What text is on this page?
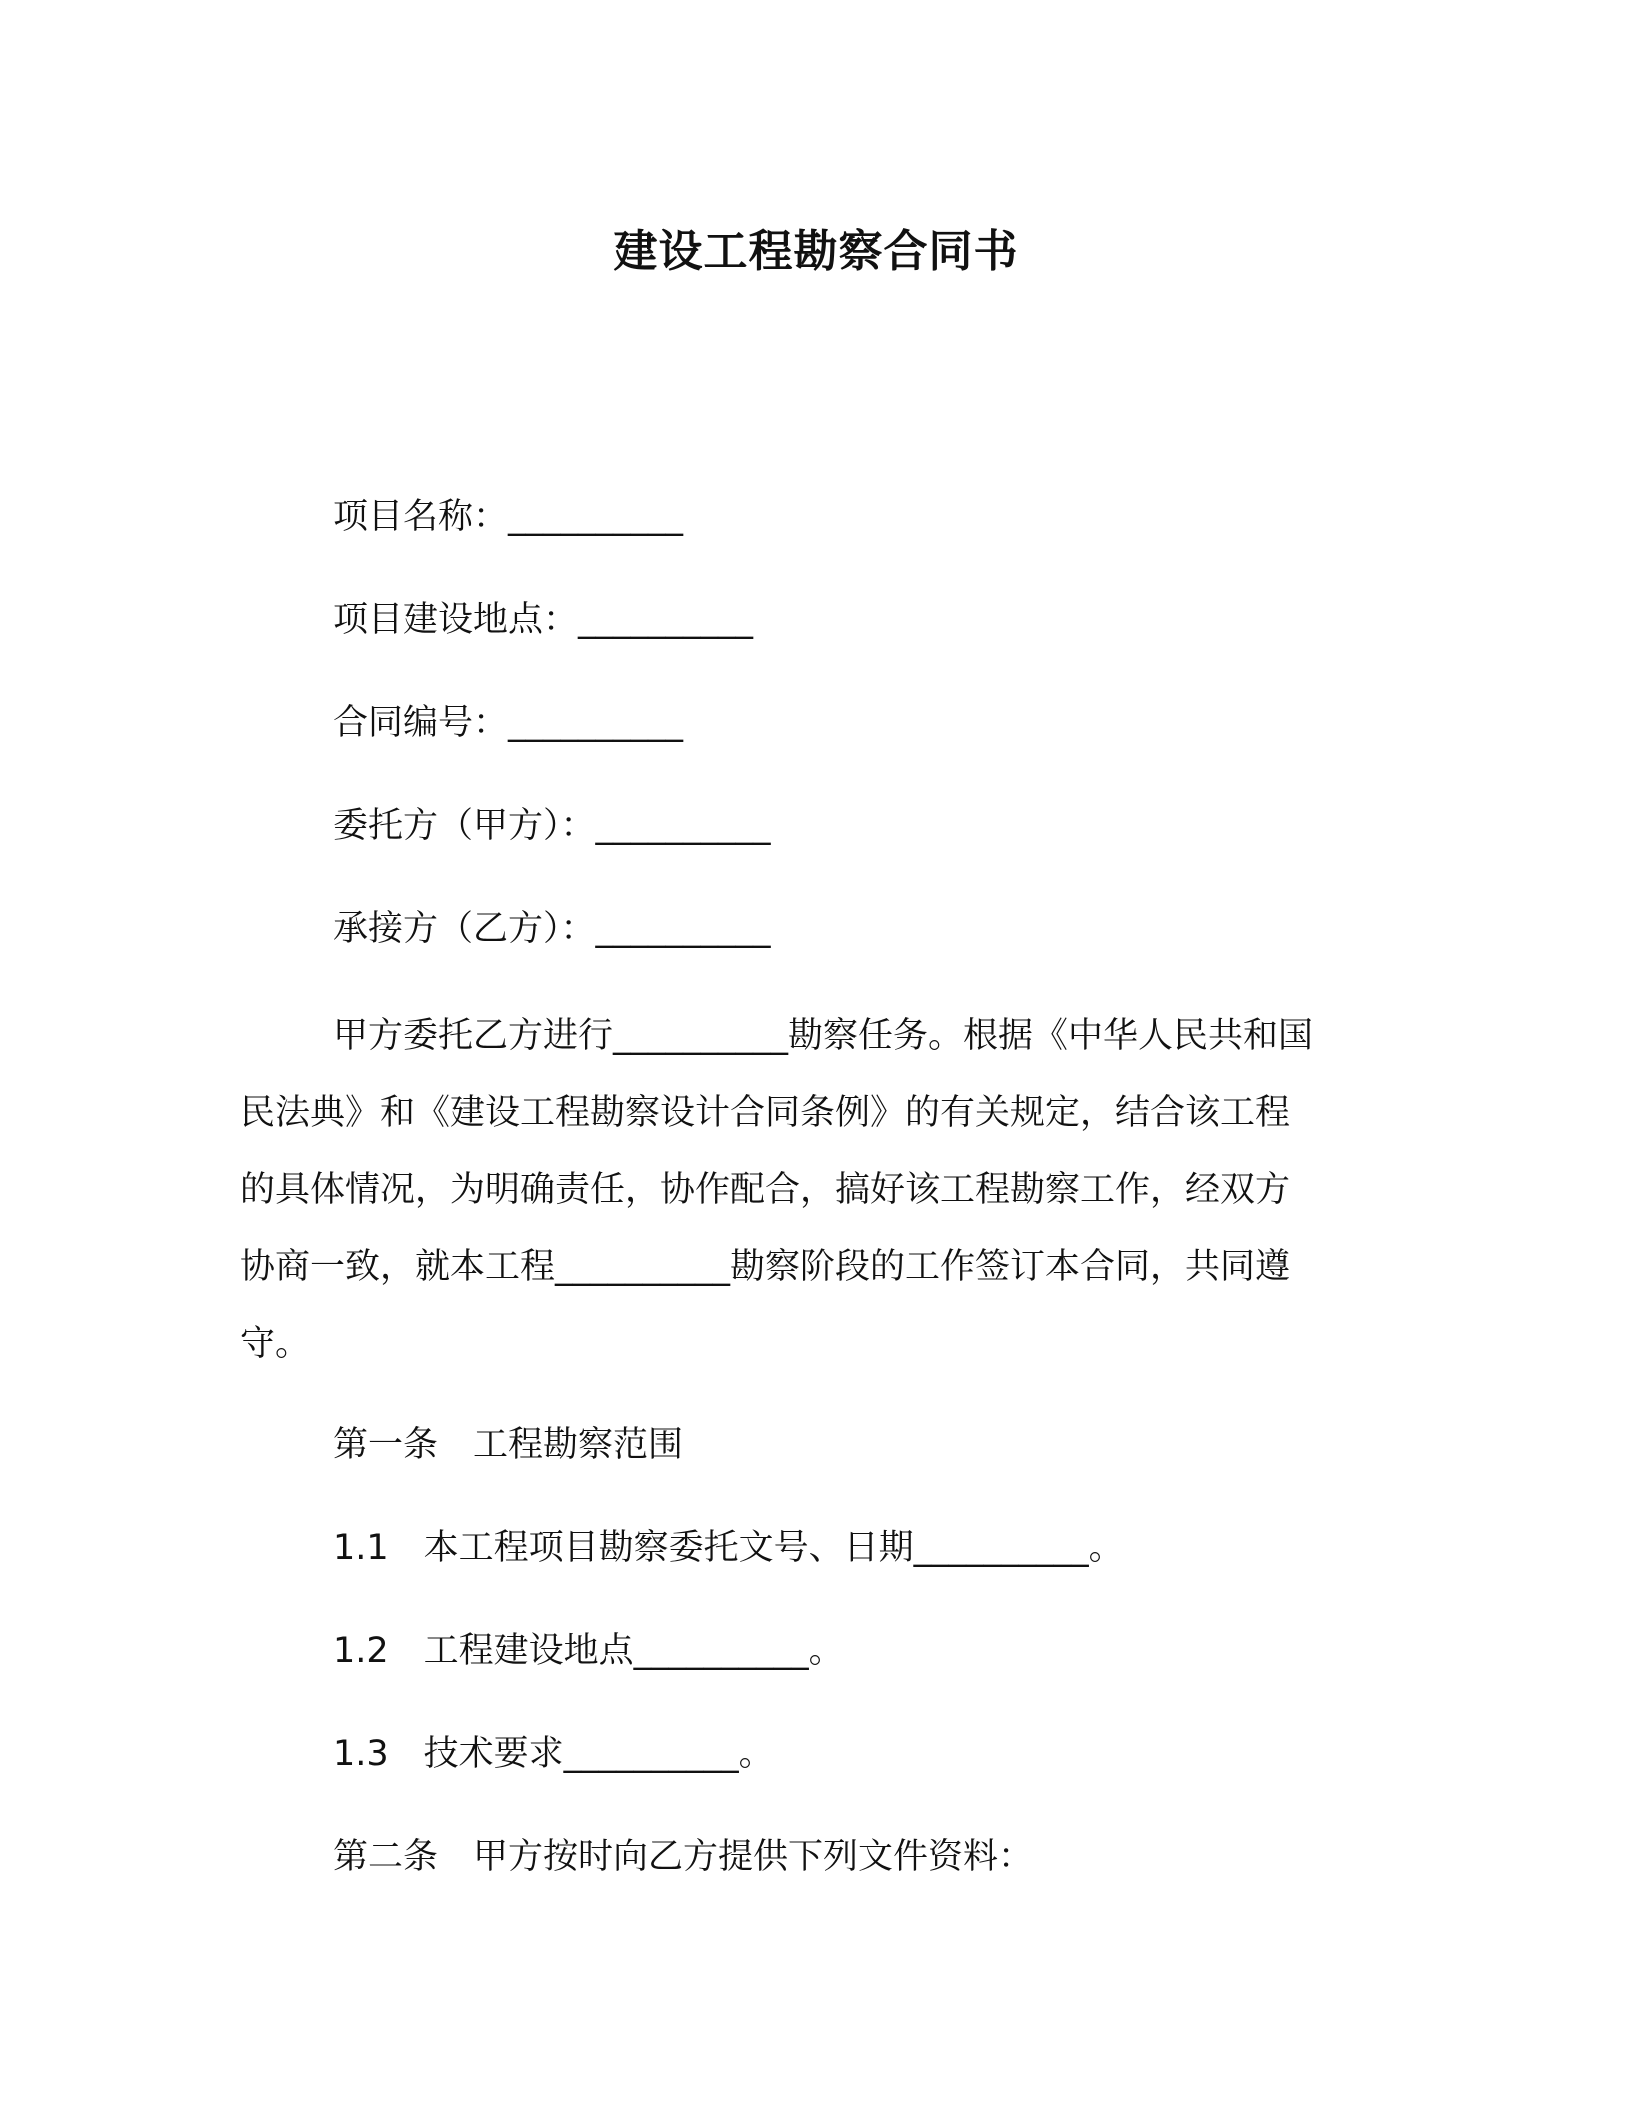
建设工程勘察合同书

项目名称：__________

项目建设地点：__________

合同编号：__________

委托方（甲方）：__________

承接方（乙方）：__________

甲方委托乙方进行__________勘察任务。根据《中华人民共和国
民法典》和《建设工程勘察设计合同条例》的有关规定，结合该工程
的具体情况，为明确责任，协作配合，搞好该工程勘察工作，经双方
协商一致，就本工程__________勘察阶段的工作签订本合同，共同遵
守。

第一条　工程勘察范围

1.1　本工程项目勘察委托文号、日期__________。

1.2　工程建设地点__________。

1.3　技术要求__________。

第二条　甲方按时向乙方提供下列文件资料：
